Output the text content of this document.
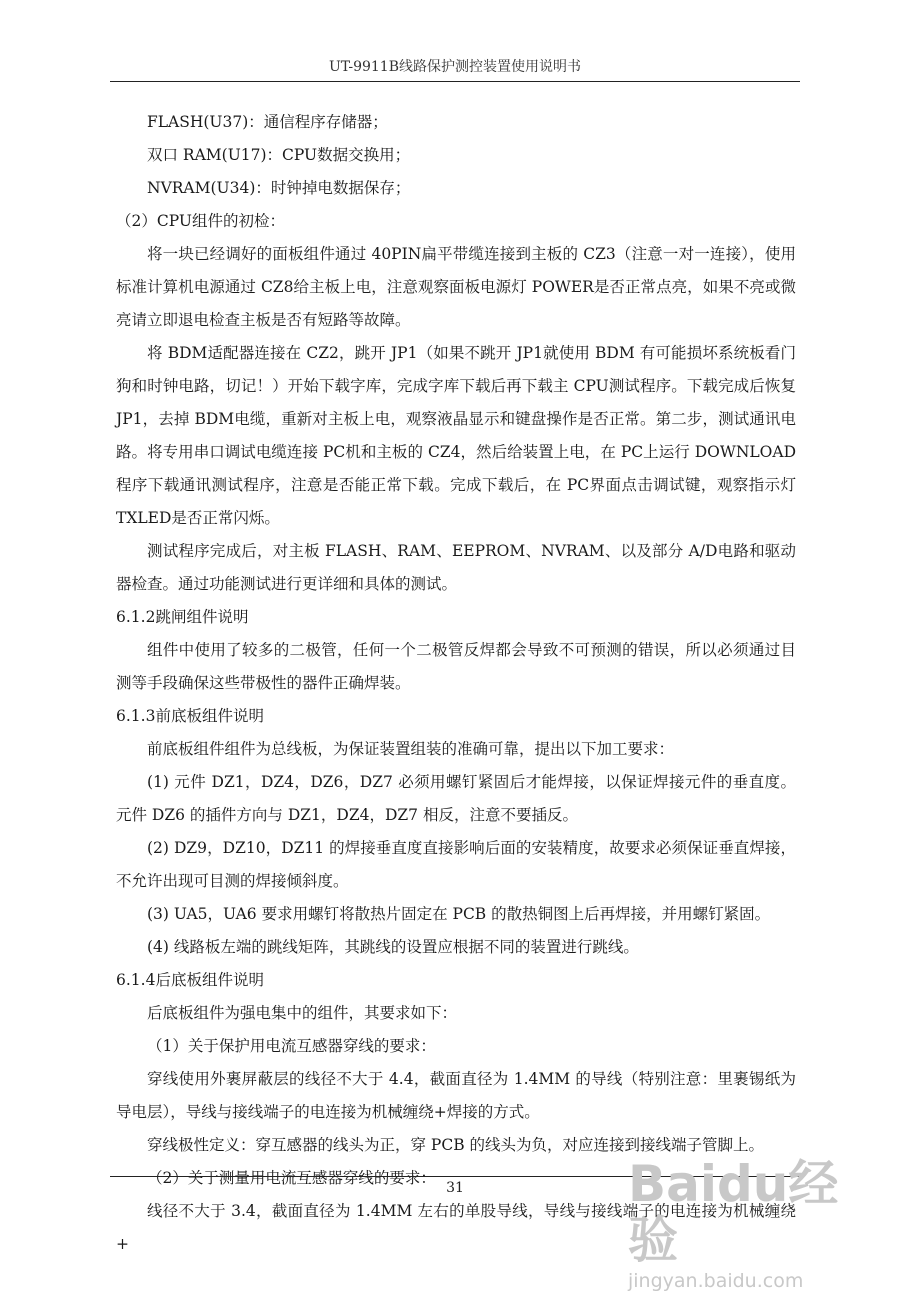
UT-9911B线路保护测控装置使用说明书

FLASH(U37)：通信程序存储器；

双口 RAM(U17)：CPU数据交换用；

NVRAM(U34)：时钟掉电数据保存；

（2）CPU组件的初检：

将一块已经调好的面板组件通过 40PIN扁平带缆连接到主板的 CZ3（注意一对一连接），使用标准计算机电源通过 CZ8给主板上电，注意观察面板电源灯 POWER是否正常点亮，如果不亮或微亮请立即退电检查主板是否有短路等故障。

将 BDM适配器连接在 CZ2，跳开 JP1（如果不跳开 JP1就使用 BDM 有可能损坏系统板看门狗和时钟电路，切记！）开始下载字库，完成字库下载后再下载主 CPU测试程序。下载完成后恢复 JP1，去掉 BDM电缆，重新对主板上电，观察液晶显示和键盘操作是否正常。第二步，测试通讯电路。将专用串口调试电缆连接 PC机和主板的 CZ4，然后给装置上电，在 PC上运行 DOWNLOAD程序下载通讯测试程序，注意是否能正常下载。完成下载后，在 PC界面点击调试键，观察指示灯 TXLED是否正常闪烁。

测试程序完成后，对主板 FLASH、RAM、EEPROM、NVRAM、以及部分 A/D电路和驱动器检查。通过功能测试进行更详细和具体的测试。

6.1.2跳闸组件说明

组件中使用了较多的二极管，任何一个二极管反焊都会导致不可预测的错误，所以必须通过目测等手段确保这些带极性的器件正确焊装。

6.1.3前底板组件说明

前底板组件组件为总线板，为保证装置组装的准确可靠，提出以下加工要求：

(1) 元件 DZ1，DZ4，DZ6，DZ7 必须用螺钉紧固后才能焊接，以保证焊接元件的垂直度。元件 DZ6 的插件方向与 DZ1，DZ4，DZ7 相反，注意不要插反。

(2) DZ9，DZ10，DZ11 的焊接垂直度直接影响后面的安装精度，故要求必须保证垂直焊接，不允许出现可目测的焊接倾斜度。

(3) UA5，UA6 要求用螺钉将散热片固定在 PCB 的散热铜图上后再焊接，并用螺钉紧固。

(4) 线路板左端的跳线矩阵，其跳线的设置应根据不同的装置进行跳线。

6.1.4后底板组件说明

后底板组件为强电集中的组件，其要求如下：

（1）关于保护用电流互感器穿线的要求：

穿线使用外裹屏蔽层的线径不大于 4.4，截面直径为 1.4MM 的导线（特别注意：里裹锡纸为导电层），导线与接线端子的电连接为机械缠绕+焊接的方式。

穿线极性定义：穿互感器的线头为正，穿 PCB 的线头为负，对应连接到接线端子管脚上。

（2）关于测量用电流互感器穿线的要求：

线径不大于 3.4，截面直径为 1.4MM 左右的单股导线，导线与接线端子的电连接为机械缠绕+

31	Baidu经验
jingyan.baidu.com
